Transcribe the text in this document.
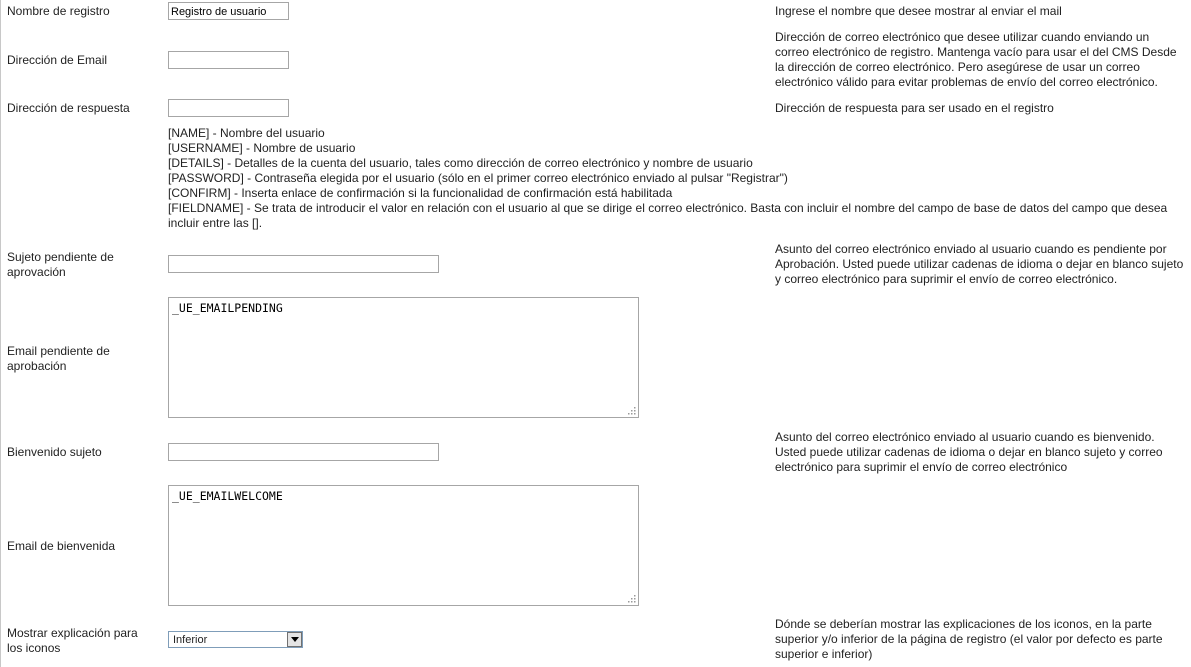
Nombre de registro
Registro de usuario	Ingrese el nombre que desee mostrar al enviar el mail
Dirección de Email
Dirección de correo electrónico que desee utilizar cuando enviando un correo electrónico de registro. Mantenga vacío para usar el del CMS Desde la dirección de correo electrónico. Pero asegúrese de usar un correo electrónico válido para evitar problemas de envío del correo electrónico.
Dirección de respuesta	Dirección de respuesta para ser usado en el registro
[NAME] - Nombre del usuario
[USERNAME] - Nombre de usuario
[DETAILS] - Detalles de la cuenta del usuario, tales como dirección de correo electrónico y nombre de usuario
[PASSWORD] - Contraseña elegida por el usuario (sólo en el primer correo electrónico enviado al pulsar "Registrar")
[CONFIRM] - Inserta enlace de confirmación si la funcionalidad de confirmación está habilitada
[FIELDNAME] - Se trata de introducir el valor en relación con el usuario al que se dirige el correo electrónico. Basta con incluir el nombre del campo de base de datos del campo que desea incluir entre las [].
Sujeto pendiente de aprovación
Asunto del correo electrónico enviado al usuario cuando es pendiente por Aprobación. Usted puede utilizar cadenas de idioma o dejar en blanco sujeto y correo electrónico para suprimir el envío de correo electrónico.
Email pendiente de aprobación
_UE_EMAILPENDING
Bienvenido sujeto
Asunto del correo electrónico enviado al usuario cuando es bienvenido. Usted puede utilizar cadenas de idioma o dejar en blanco sujeto y correo electrónico para suprimir el envío de correo electrónico
Email de bienvenida
_UE_EMAILWELCOME
Mostrar explicación para los iconos
Inferior
Dónde se deberían mostrar las explicaciones de los iconos, en la parte superior y/o inferior de la página de registro (el valor por defecto es parte superior e inferior)
